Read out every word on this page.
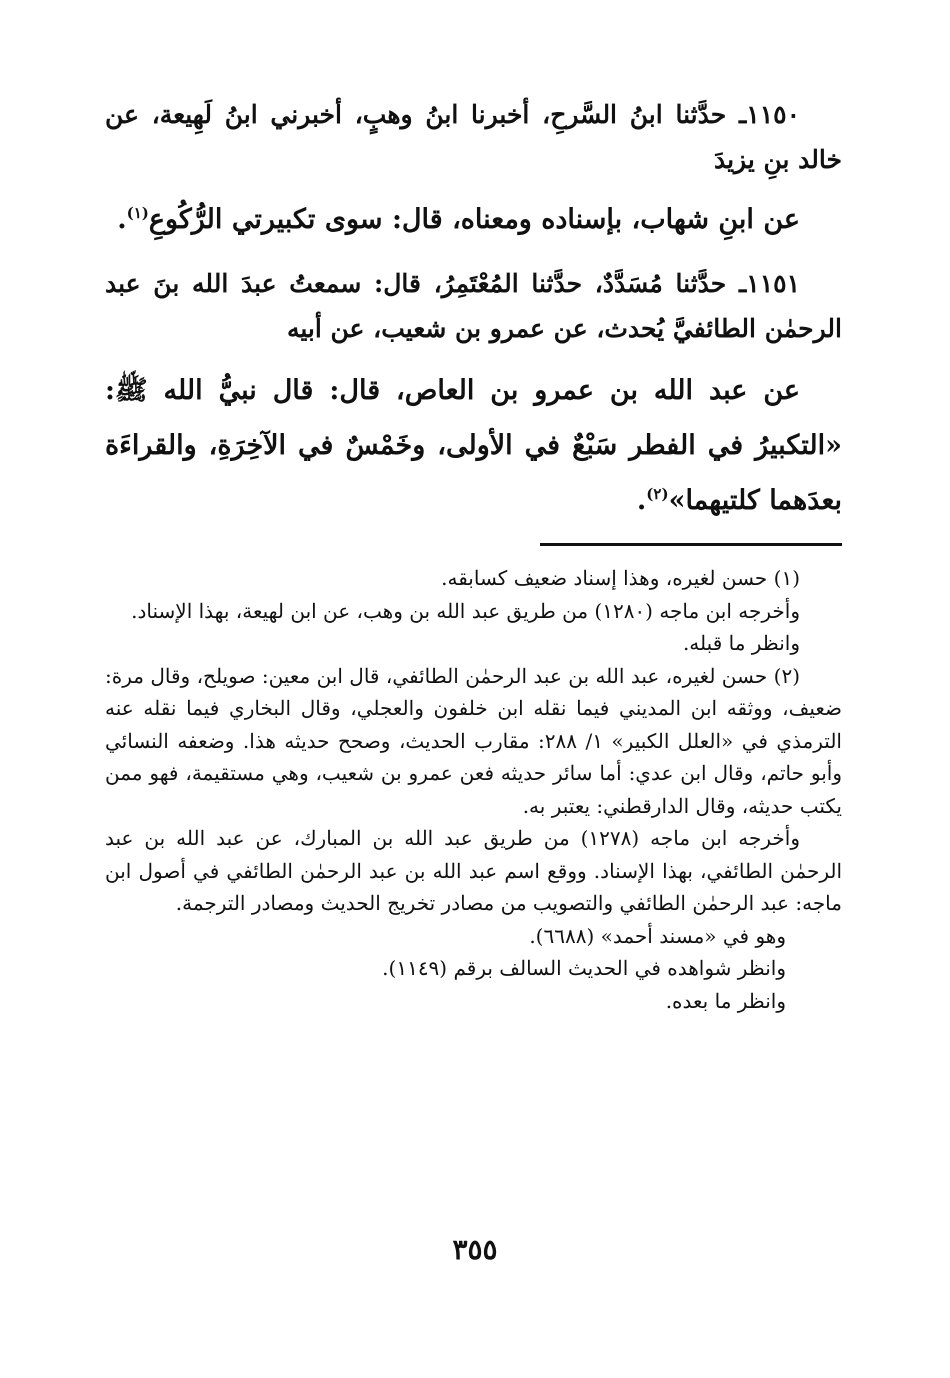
١١٥٠ـ حدَّثنا ابنُ السَّرحِ، أخبرنا ابنُ وهبٍ، أخبرني ابنُ لَهِيعة، عن خالد بنِ يزيدَ

عن ابنِ شهاب، بإسناده ومعناه، قال: سوى تكبيرتي الرُّكُوعِ$^{(١)}$.

١١٥١ـ حدَّثنا مُسَدَّدٌ، حدَّثنا المُعْتَمِرُ، قال: سمعتُ عبدَ الله بنَ عبد الرحمٰن الطائفيَّ يُحدث، عن عمرو بن شعيب، عن أبيه

عن عبد الله بن عمرو بن العاص، قال: قال نبيُّ الله ﷺ: «التكبيرُ في الفطر سَبْعٌ في الأولى، وخَمْسٌ في الآخِرَةِ، والقراءَة بعدَهما كلتيهما»$^{(٢)}$.

(١) حسن لغيره، وهذا إسناد ضعيف كسابقه.

وأخرجه ابن ماجه (١٢٨٠) من طريق عبد الله بن وهب، عن ابن لهيعة، بهذا الإسناد.

وانظر ما قبله.

(٢) حسن لغيره، عبد الله بن عبد الرحمٰن الطائفي، قال ابن معين: صويلح، وقال مرة: ضعيف، ووثقه ابن المديني فيما نقله ابن خلفون والعجلي، وقال البخاري فيما نقله عنه الترمذي في «العلل الكبير» ١/ ٢٨٨: مقارب الحديث، وصحح حديثه هذا. وضعفه النسائي وأبو حاتم، وقال ابن عدي: أما سائر حديثه فعن عمرو بن شعيب، وهي مستقيمة، فهو ممن يكتب حديثه، وقال الدارقطني: يعتبر به.

وأخرجه ابن ماجه (١٢٧٨) من طريق عبد الله بن المبارك، عن عبد الله بن عبد الرحمٰن الطائفي، بهذا الإسناد. ووقع اسم عبد الله بن عبد الرحمٰن الطائفي في أصول ابن ماجه: عبد الرحمٰن الطائفي والتصويب من مصادر تخريج الحديث ومصادر الترجمة.

وهو في «مسند أحمد» (٦٦٨٨).

وانظر شواهده في الحديث السالف برقم (١١٤٩).

وانظر ما بعده.

٣٥٥
